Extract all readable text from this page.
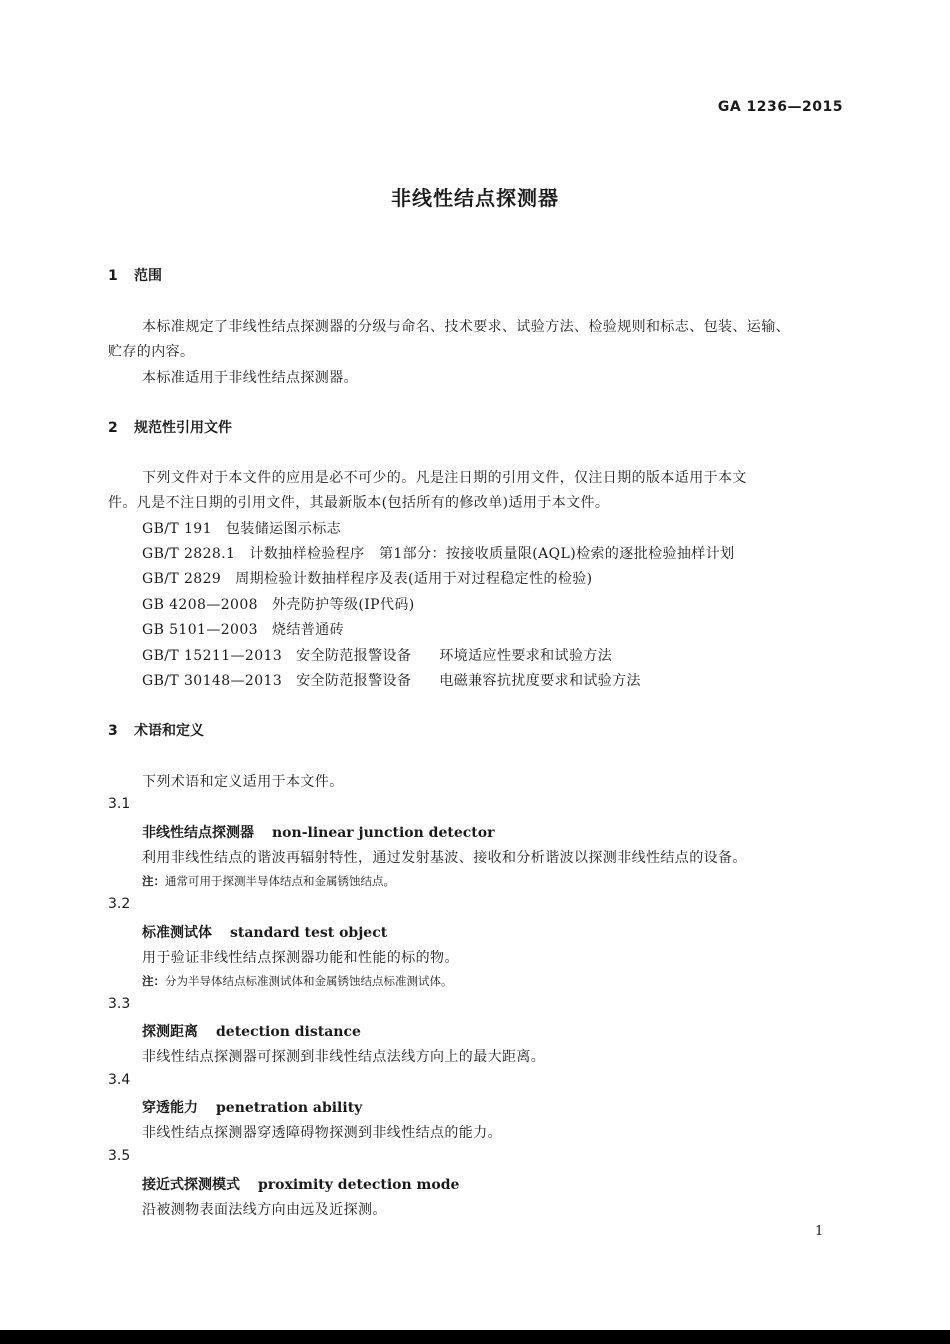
GA 1236—2015
非线性结点探测器
1 范围
本标准规定了非线性结点探测器的分级与命名、技术要求、试验方法、检验规则和标志、包装、运输、
贮存的内容。
本标准适用于非线性结点探测器。
2 规范性引用文件
下列文件对于本文件的应用是必不可少的。凡是注日期的引用文件，仅注日期的版本适用于本文
件。凡是不注日期的引用文件，其最新版本(包括所有的修改单)适用于本文件。
GB/T 191 包装储运图示标志
GB/T 2828.1 计数抽样检验程序　第1部分：按接收质量限(AQL)检索的逐批检验抽样计划
GB/T 2829 周期检验计数抽样程序及表(适用于对过程稳定性的检验)
GB 4208—2008 外壳防护等级(IP代码)
GB 5101—2003 烧结普通砖
GB/T 15211—2013 安全防范报警设备 环境适应性要求和试验方法
GB/T 30148—2013 安全防范报警设备 电磁兼容抗扰度要求和试验方法
3 术语和定义
下列术语和定义适用于本文件。
3.1
非线性结点探测器 non-linear junction detector
利用非线性结点的谐波再辐射特性，通过发射基波、接收和分析谐波以探测非线性结点的设备。
注：通常可用于探测半导体结点和金属锈蚀结点。
3.2
标准测试体 standard test object
用于验证非线性结点探测器功能和性能的标的物。
注：分为半导体结点标准测试体和金属锈蚀结点标准测试体。
3.3
探测距离 detection distance
非线性结点探测器可探测到非线性结点法线方向上的最大距离。
3.4
穿透能力 penetration ability
非线性结点探测器穿透障碍物探测到非线性结点的能力。
3.5
接近式探测模式 proximity detection mode
沿被测物表面法线方向由远及近探测。
1
